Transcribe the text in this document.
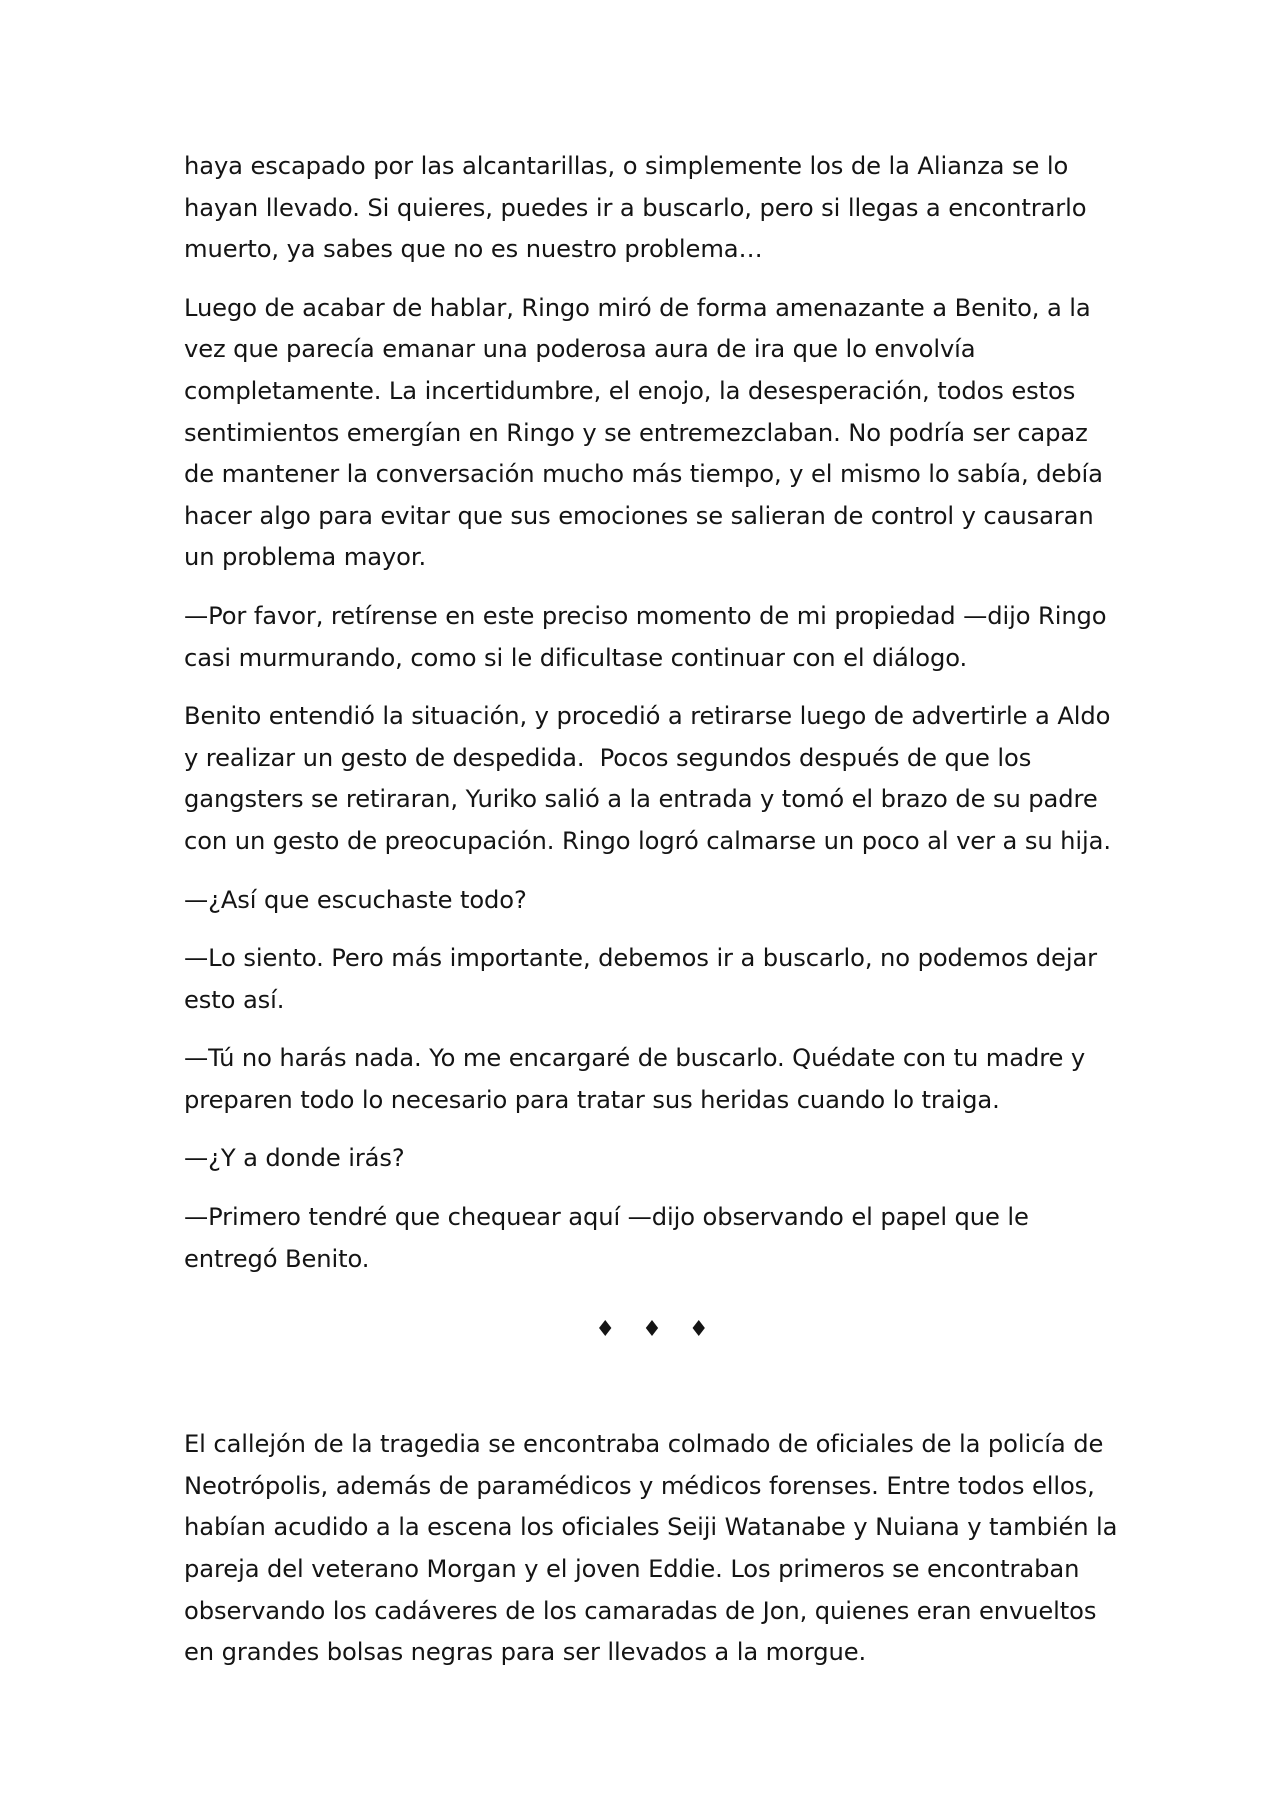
haya escapado por las alcantarillas, o simplemente los de la Alianza se lo hayan llevado. Si quieres, puedes ir a buscarlo, pero si llegas a encontrarlo muerto, ya sabes que no es nuestro problema…

Luego de acabar de hablar, Ringo miró de forma amenazante a Benito, a la vez que parecía emanar una poderosa aura de ira que lo envolvía completamente. La incertidumbre, el enojo, la desesperación, todos estos sentimientos emergían en Ringo y se entremezclaban. No podría ser capaz de mantener la conversación mucho más tiempo, y el mismo lo sabía, debía hacer algo para evitar que sus emociones se salieran de control y causaran un problema mayor.

—Por favor, retírense en este preciso momento de mi propiedad —dijo Ringo casi murmurando, como si le dificultase continuar con el diálogo.

Benito entendió la situación, y procedió a retirarse luego de advertirle a Aldo y realizar un gesto de despedida.  Pocos segundos después de que los gangsters se retiraran, Yuriko salió a la entrada y tomó el brazo de su padre con un gesto de preocupación. Ringo logró calmarse un poco al ver a su hija.

—¿Así que escuchaste todo?

—Lo siento. Pero más importante, debemos ir a buscarlo, no podemos dejar esto así.

—Tú no harás nada. Yo me encargaré de buscarlo. Quédate con tu madre y preparen todo lo necesario para tratar sus heridas cuando lo traiga.

—¿Y a donde irás?

—Primero tendré que chequear aquí —dijo observando el papel que le entregó Benito.

♦ ♦ ♦

El callejón de la tragedia se encontraba colmado de oficiales de la policía de Neotrópolis, además de paramédicos y médicos forenses. Entre todos ellos, habían acudido a la escena los oficiales Seiji Watanabe y Nuiana y también la pareja del veterano Morgan y el joven Eddie. Los primeros se encontraban observando los cadáveres de los camaradas de Jon, quienes eran envueltos en grandes bolsas negras para ser llevados a la morgue.
